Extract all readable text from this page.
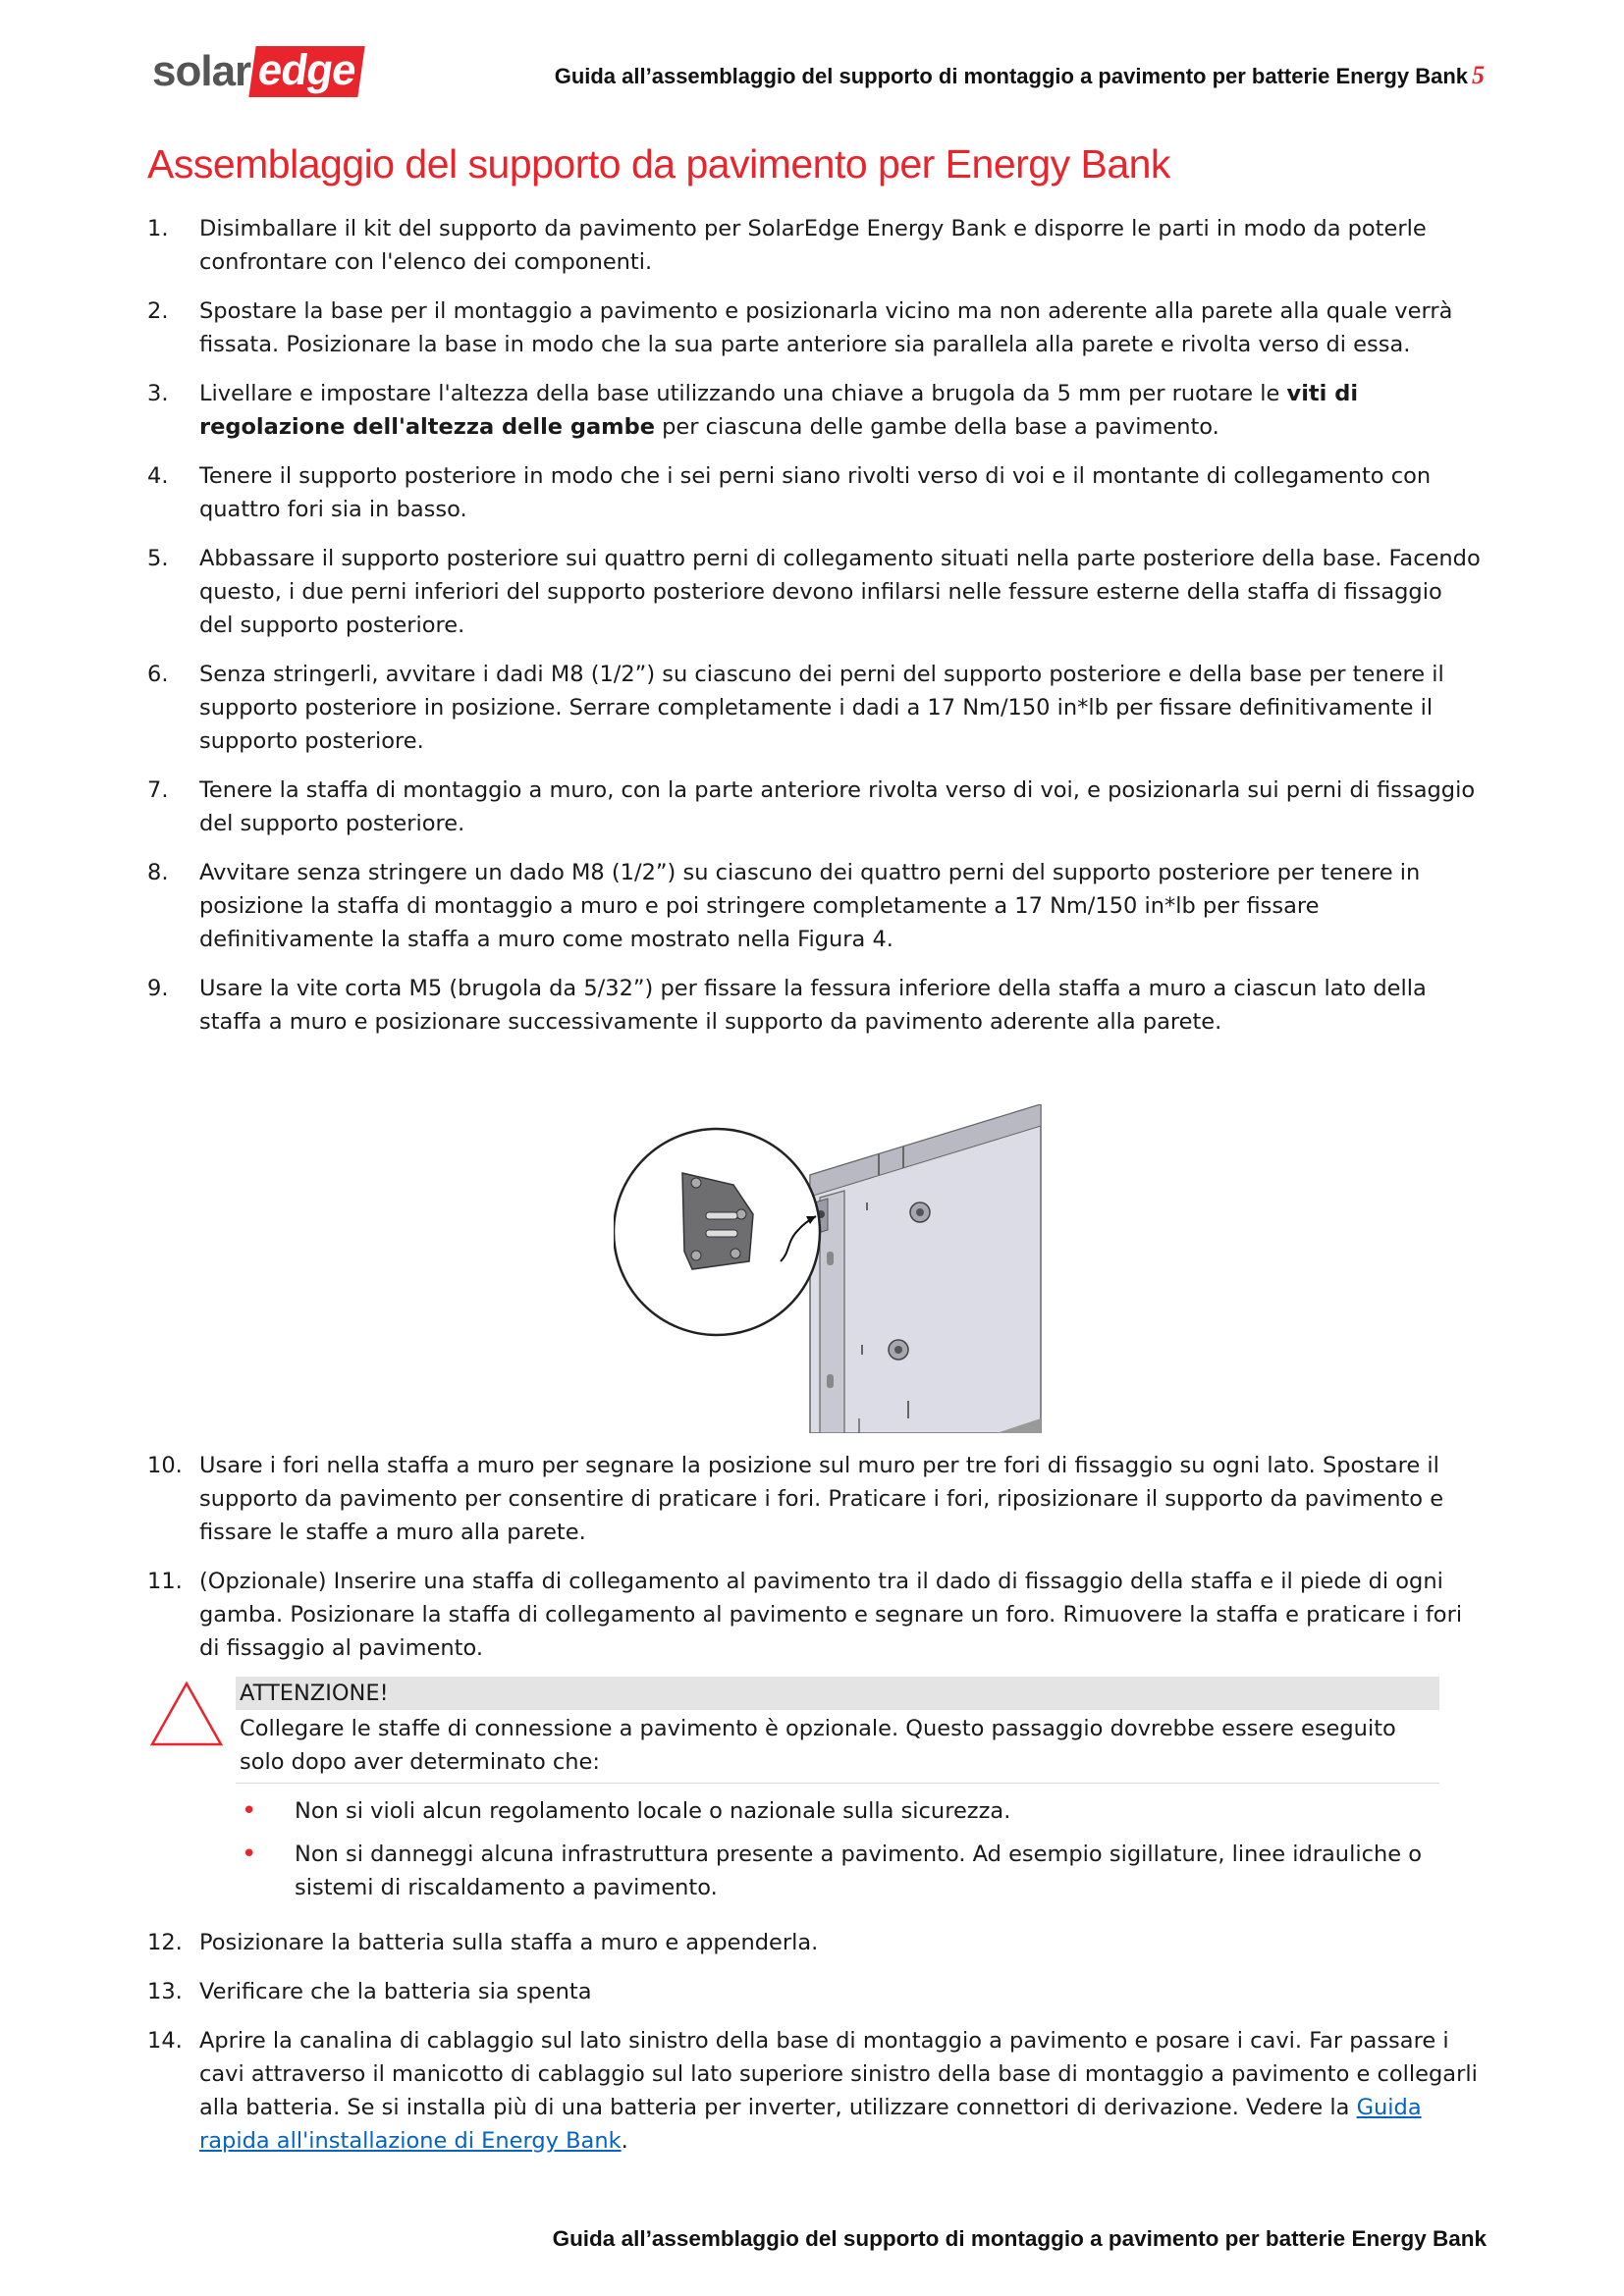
solar edge	Guida all’assemblaggio del supporto di montaggio a pavimento per batterie Energy Bank 5
Assemblaggio del supporto da pavimento per Energy Bank
1.	Disimballare il kit del supporto da pavimento per SolarEdge Energy Bank e disporre le parti in modo da poterle confrontare con l'elenco dei componenti.
2.	Spostare la base per il montaggio a pavimento e posizionarla vicino ma non aderente alla parete alla quale verrà fissata. Posizionare la base in modo che la sua parte anteriore sia parallela alla parete e rivolta verso di essa.
3.	Livellare e impostare l'altezza della base utilizzando una chiave a brugola da 5 mm per ruotare le viti di regolazione dell'altezza delle gambe per ciascuna delle gambe della base a pavimento.
4.	Tenere il supporto posteriore in modo che i sei perni siano rivolti verso di voi e il montante di collegamento con quattro fori sia in basso.
5.	Abbassare il supporto posteriore sui quattro perni di collegamento situati nella parte posteriore della base. Facendo questo, i due perni inferiori del supporto posteriore devono infilarsi nelle fessure esterne della staffa di fissaggio del supporto posteriore.
6.	Senza stringerli, avvitare i dadi M8 (1/2”) su ciascuno dei perni del supporto posteriore e della base per tenere il supporto posteriore in posizione. Serrare completamente i dadi a 17 Nm/150 in*lb per fissare definitivamente il supporto posteriore.
7.	Tenere la staffa di montaggio a muro, con la parte anteriore rivolta verso di voi, e posizionarla sui perni di fissaggio del supporto posteriore.
8.	Avvitare senza stringere un dado M8 (1/2”) su ciascuno dei quattro perni del supporto posteriore per tenere in posizione la staffa di montaggio a muro e poi stringere completamente a 17 Nm/150 in*lb per fissare definitivamente la staffa a muro come mostrato nella Figura 4.
9.	Usare la vite corta M5 (brugola da 5/32”) per fissare la fessura inferiore della staffa a muro a ciascun lato della staffa a muro e posizionare successivamente il supporto da pavimento aderente alla parete.
10. Usare i fori nella staffa a muro per segnare la posizione sul muro per tre fori di fissaggio su ogni lato. Spostare il supporto da pavimento per consentire di praticare i fori. Praticare i fori, riposizionare il supporto da pavimento e fissare le staffe a muro alla parete.
11. (Opzionale) Inserire una staffa di collegamento al pavimento tra il dado di fissaggio della staffa e il piede di ogni gamba. Posizionare la staffa di collegamento al pavimento e segnare un foro. Rimuovere la staffa e praticare i fori di fissaggio al pavimento.
ATTENZIONE!
Collegare le staffe di connessione a pavimento è opzionale. Questo passaggio dovrebbe essere eseguito solo dopo aver determinato che:
•	Non si violi alcun regolamento locale o nazionale sulla sicurezza.
•	Non si danneggi alcuna infrastruttura presente a pavimento. Ad esempio sigillature, linee idrauliche o sistemi di riscaldamento a pavimento.
12. Posizionare la batteria sulla staffa a muro e appenderla.
13. Verificare che la batteria sia spenta
14. Aprire la canalina di cablaggio sul lato sinistro della base di montaggio a pavimento e posare i cavi. Far passare i cavi attraverso il manicotto di cablaggio sul lato superiore sinistro della base di montaggio a pavimento e collegarli alla batteria. Se si installa più di una batteria per inverter, utilizzare connettori di derivazione. Vedere la Guida rapida all'installazione di Energy Bank.
Guida all’assemblaggio del supporto di montaggio a pavimento per batterie Energy Bank
